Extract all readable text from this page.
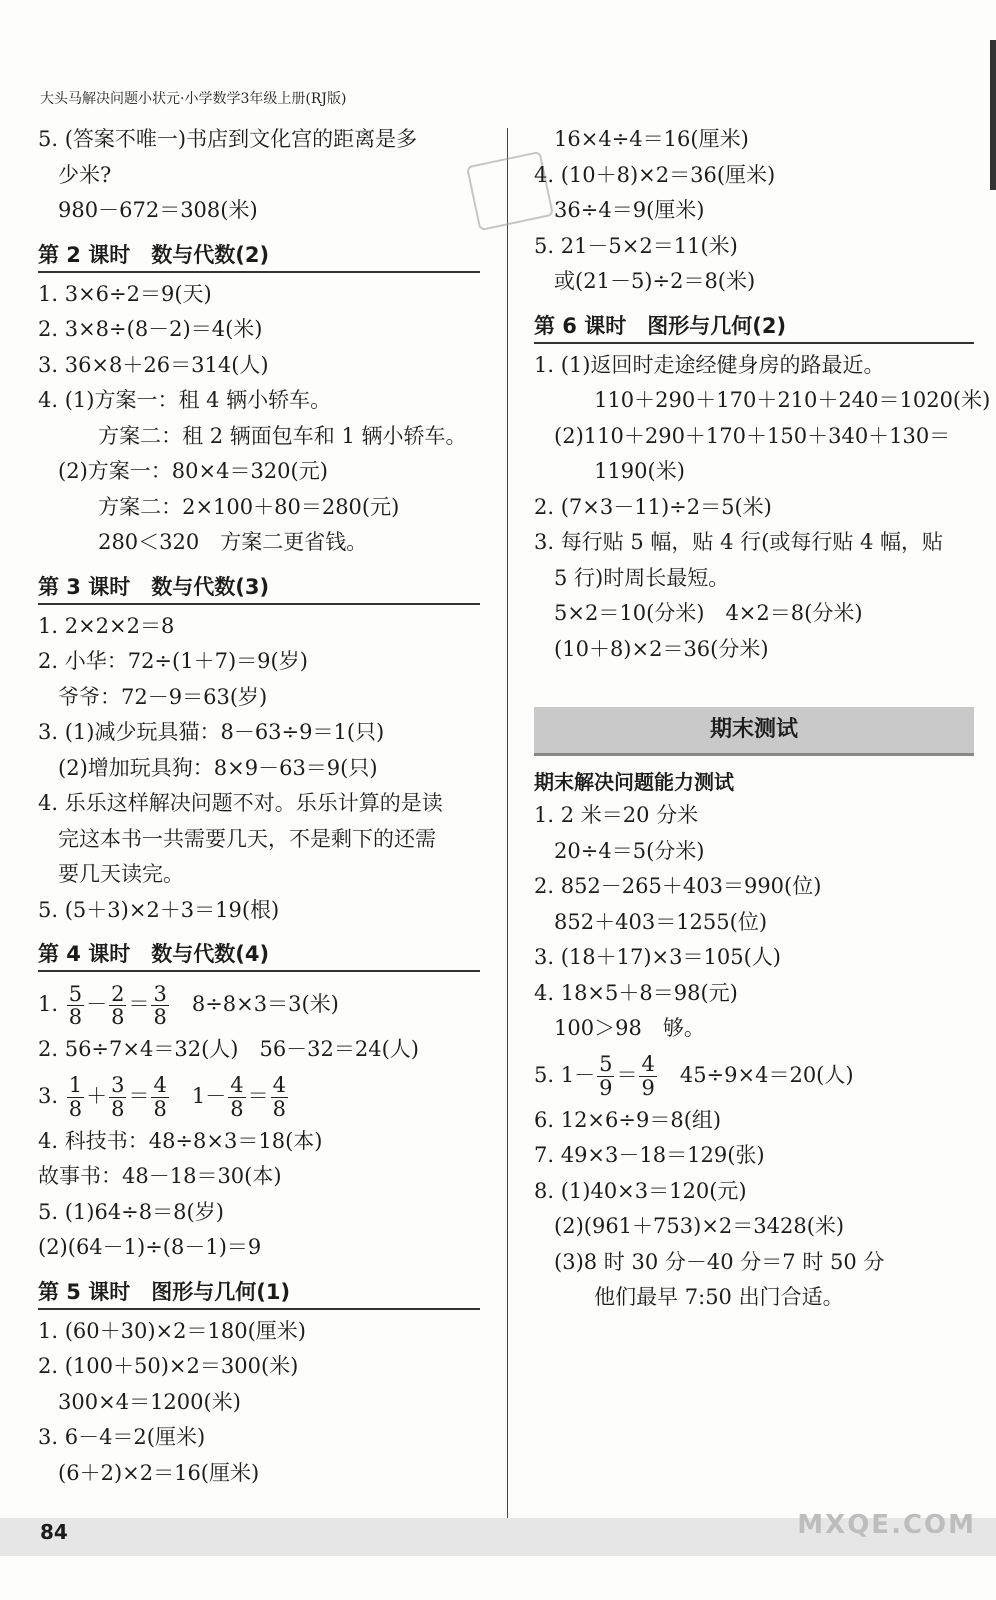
大头马解决问题小状元·小学数学3年级上册(RJ版)
5. (答案不唯一)书店到文化宫的距离是多
少米?
980－672＝308(米)
第 2 课时　数与代数(2)
1. 3×6÷2＝9(天)
2. 3×8÷(8－2)＝4(米)
3. 36×8＋26＝314(人)
4. (1)方案一：租 4 辆小轿车。
方案二：租 2 辆面包车和 1 辆小轿车。
(2)方案一：80×4＝320(元)
方案二：2×100＋80＝280(元)
280＜320　方案二更省钱。
第 3 课时　数与代数(3)
1. 2×2×2＝8
2. 小华：72÷(1＋7)＝9(岁)
爷爷：72－9＝63(岁)
3. (1)减少玩具猫：8－63÷9＝1(只)
(2)增加玩具狗：8×9－63＝9(只)
4. 乐乐这样解决问题不对。乐乐计算的是读
完这本书一共需要几天，不是剩下的还需
要几天读完。
5. (5＋3)×2＋3＝19(根)
第 4 课时　数与代数(4)
1. $\frac{5}{8} - \frac{2}{8} = \frac{3}{8}$ 　8÷8×3＝3(米)
2. 56÷7×4＝32(人)　56－32＝24(人)
3. $\frac{1}{8} + \frac{3}{8} = \frac{4}{8}$ 　$1- \frac{4}{8} = \frac{4}{8}$
4. 科技书：48÷8×3＝18(本)
故事书：48－18＝30(本)
5. (1)64÷8＝8(岁)
(2)(64－1)÷(8－1)＝9
第 5 课时　图形与几何(1)
1. (60＋30)×2＝180(厘米)
2. (100＋50)×2＝300(米)
300×4＝1200(米)
3. 6－4＝2(厘米)
(6＋2)×2＝16(厘米)
16×4÷4＝16(厘米)
4. (10＋8)×2＝36(厘米)
36÷4＝9(厘米)
5. 21－5×2＝11(米)
或(21－5)÷2＝8(米)
第 6 课时　图形与几何(2)
1. (1)返回时走途经健身房的路最近。
110＋290＋170＋210＋240＝1020(米)
(2)110＋290＋170＋150＋340＋130＝
1190(米)
2. (7×3－11)÷2＝5(米)
3. 每行贴 5 幅，贴 4 行(或每行贴 4 幅，贴
5 行)时周长最短。
5×2＝10(分米)　4×2＝8(分米)
(10＋8)×2＝36(分米)
期末测试
期末解决问题能力测试
1. 2 米＝20 分米
20÷4＝5(分米)
2. 852－265＋403＝990(位)
852＋403＝1255(位)
3. (18＋17)×3＝105(人)
4. 18×5＋8＝98(元)
100＞98　够。
5. $1- \frac{5}{9} = \frac{4}{9}$ 　45÷9×4＝20(人)
6. 12×6÷9＝8(组)
7. 49×3－18＝129(张)
8. (1)40×3＝120(元)
(2)(961＋753)×2＝3428(米)
(3)8 时 30 分－40 分＝7 时 50 分
他们最早 7:50 出门合适。
84	MXQE.COM
